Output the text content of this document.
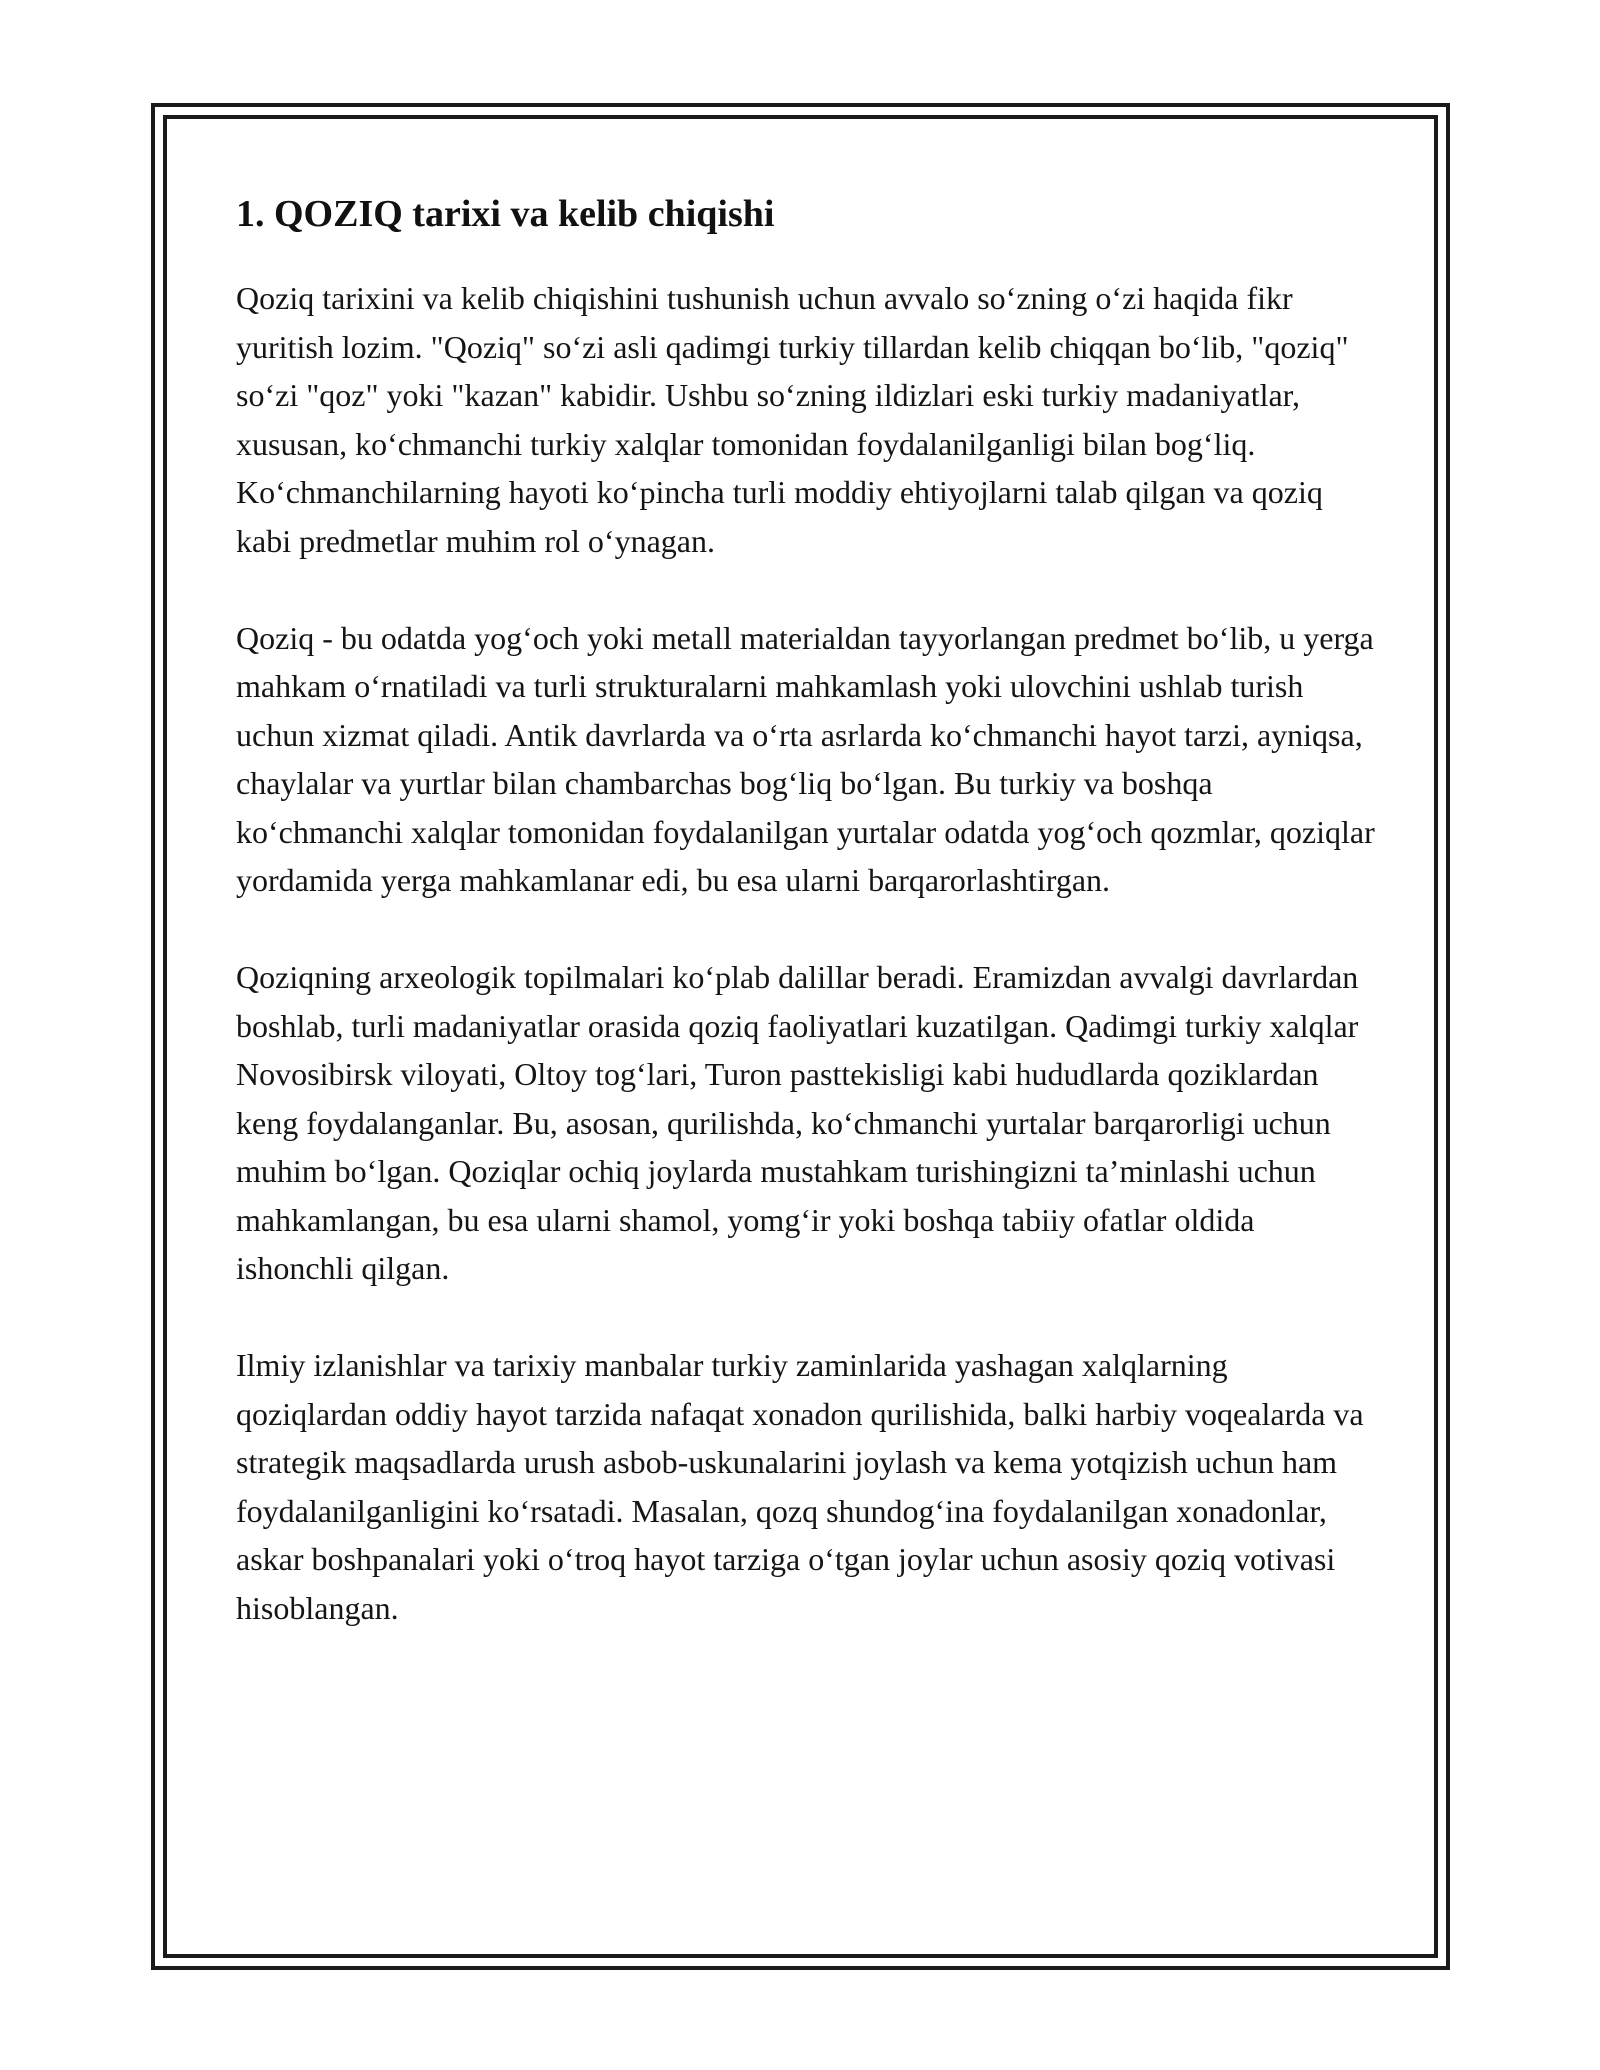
1. QOZIQ tarixi va kelib chiqishi

Qoziq tarixini va kelib chiqishini tushunish uchun avvalo so‘zning o‘zi haqida fikr yuritish lozim. "Qoziq" so‘zi asli qadimgi turkiy tillardan kelib chiqqan bo‘lib, "qoziq" so‘zi "qoz" yoki "kazan" kabidir. Ushbu so‘zning ildizlari eski turkiy madaniyatlar, xususan, ko‘chmanchi turkiy xalqlar tomonidan foydalanilganligi bilan bog‘liq. Ko‘chmanchilarning hayoti ko‘pincha turli moddiy ehtiyojlarni talab qilgan va qoziq kabi predmetlar muhim rol o‘ynagan.

Qoziq - bu odatda yog‘och yoki metall materialdan tayyorlangan predmet bo‘lib, u yerga mahkam o‘rnatiladi va turli strukturalarni mahkamlash yoki ulovchini ushlab turish uchun xizmat qiladi. Antik davrlarda va o‘rta asrlarda ko‘chmanchi hayot tarzi, ayniqsa, chaylalar va yurtlar bilan chambarchas bog‘liq bo‘lgan. Bu turkiy va boshqa ko‘chmanchi xalqlar tomonidan foydalanilgan yurtalar odatda yog‘och qozmlar, qoziqlar yordamida yerga mahkamlanar edi, bu esa ularni barqarorlashtirgan.

Qoziqning arxeologik topilmalari ko‘plab dalillar beradi. Eramizdan avvalgi davrlardan boshlab, turli madaniyatlar orasida qoziq faoliyatlari kuzatilgan. Qadimgi turkiy xalqlar Novosibirsk viloyati, Oltoy tog‘lari, Turon pasttekisligi kabi hududlarda qoziklardan keng foydalanganlar. Bu, asosan, qurilishda, ko‘chmanchi yurtalar barqarorligi uchun muhim bo‘lgan. Qoziqlar ochiq joylarda mustahkam turishingizni ta’minlashi uchun mahkamlangan, bu esa ularni shamol, yomg‘ir yoki boshqa tabiiy ofatlar oldida ishonchli qilgan.

Ilmiy izlanishlar va tarixiy manbalar turkiy zaminlarida yashagan xalqlarning qoziqlardan oddiy hayot tarzida nafaqat xonadon qurilishida, balki harbiy voqealarda va strategik maqsadlarda urush asbob-uskunalarini joylash va kema yotqizish uchun ham foydalanilganligini ko‘rsatadi. Masalan, qozq shundog‘ina foydalanilgan xonadonlar, askar boshpanalari yoki o‘troq hayot tarziga o‘tgan joylar uchun asosiy qoziq votivasi hisoblangan.
